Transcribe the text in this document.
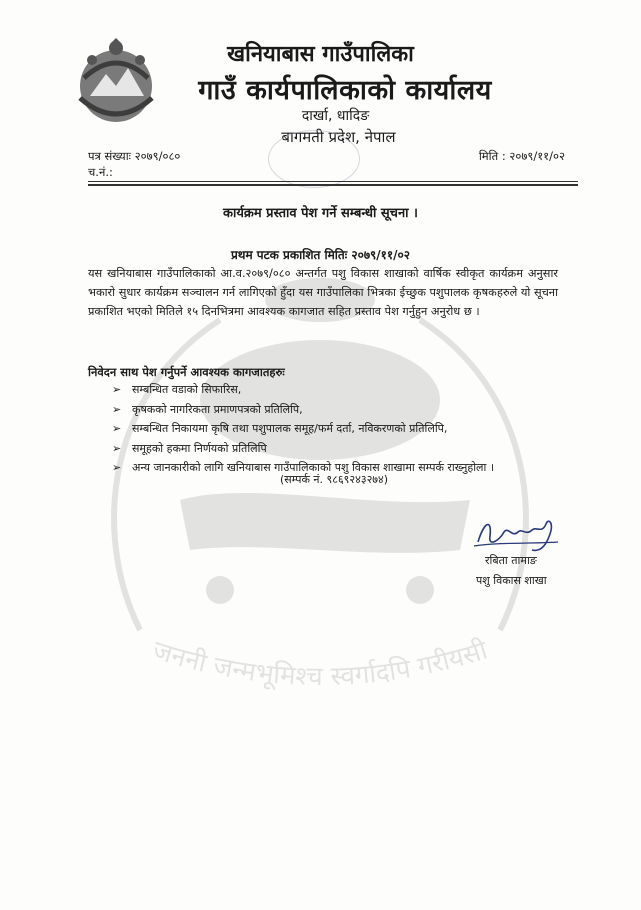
जननी जन्मभूमिश्च स्वर्गादपि गरीयसी
खनियाबास गाउँपालिका
गाउँ कार्यपालिकाको कार्यालय
दार्खा, धादिङ
बागमती प्रदेश, नेपाल
पत्र संख्याः २०७९/०८०
च.नं.:
मिति : २०७९/११/०२
कार्यक्रम प्रस्ताव पेश गर्ने सम्बन्धी सूचना ।
प्रथम पटक प्रकाशित मितिः २०७९/११/०२
यस खनियाबास गाउँपालिकाको आ.व.२०७९/०८० अन्तर्गत पशु विकास शाखाको वार्षिक स्वीकृत कार्यक्रम अनुसार भकारो सुधार कार्यक्रम सञ्चालन गर्न लागिएको हुँदा यस गाउँपालिका भित्रका ईच्छुक पशुपालक कृषकहरुले यो सूचना प्रकाशित भएको मितिले १५ दिनभित्रमा आवश्यक कागजात सहित प्रस्ताव पेश गर्नुहुन अनुरोध छ ।
निवेदन साथ पेश गर्नुपर्ने आवश्यक कागजातहरुः
➢ सम्बन्धित वडाको सिफारिस,
➢ कृषकको नागरिकता प्रमाणपत्रको प्रतिलिपि,
➢ सम्बन्धित निकायमा कृषि तथा पशुपालक समूह/फर्म दर्ता, नविकरणको प्रतिलिपि,
➢ समूहको हकमा निर्णयको प्रतिलिपि
➢ अन्य जानकारीको लागि खनियाबास गाउँपालिकाको पशु विकास शाखामा सम्पर्क राख्नुहोला ।
(सम्पर्क नं. ९८६९२४३२७४)
रबिता तामाङ
पशु विकास शाखा
